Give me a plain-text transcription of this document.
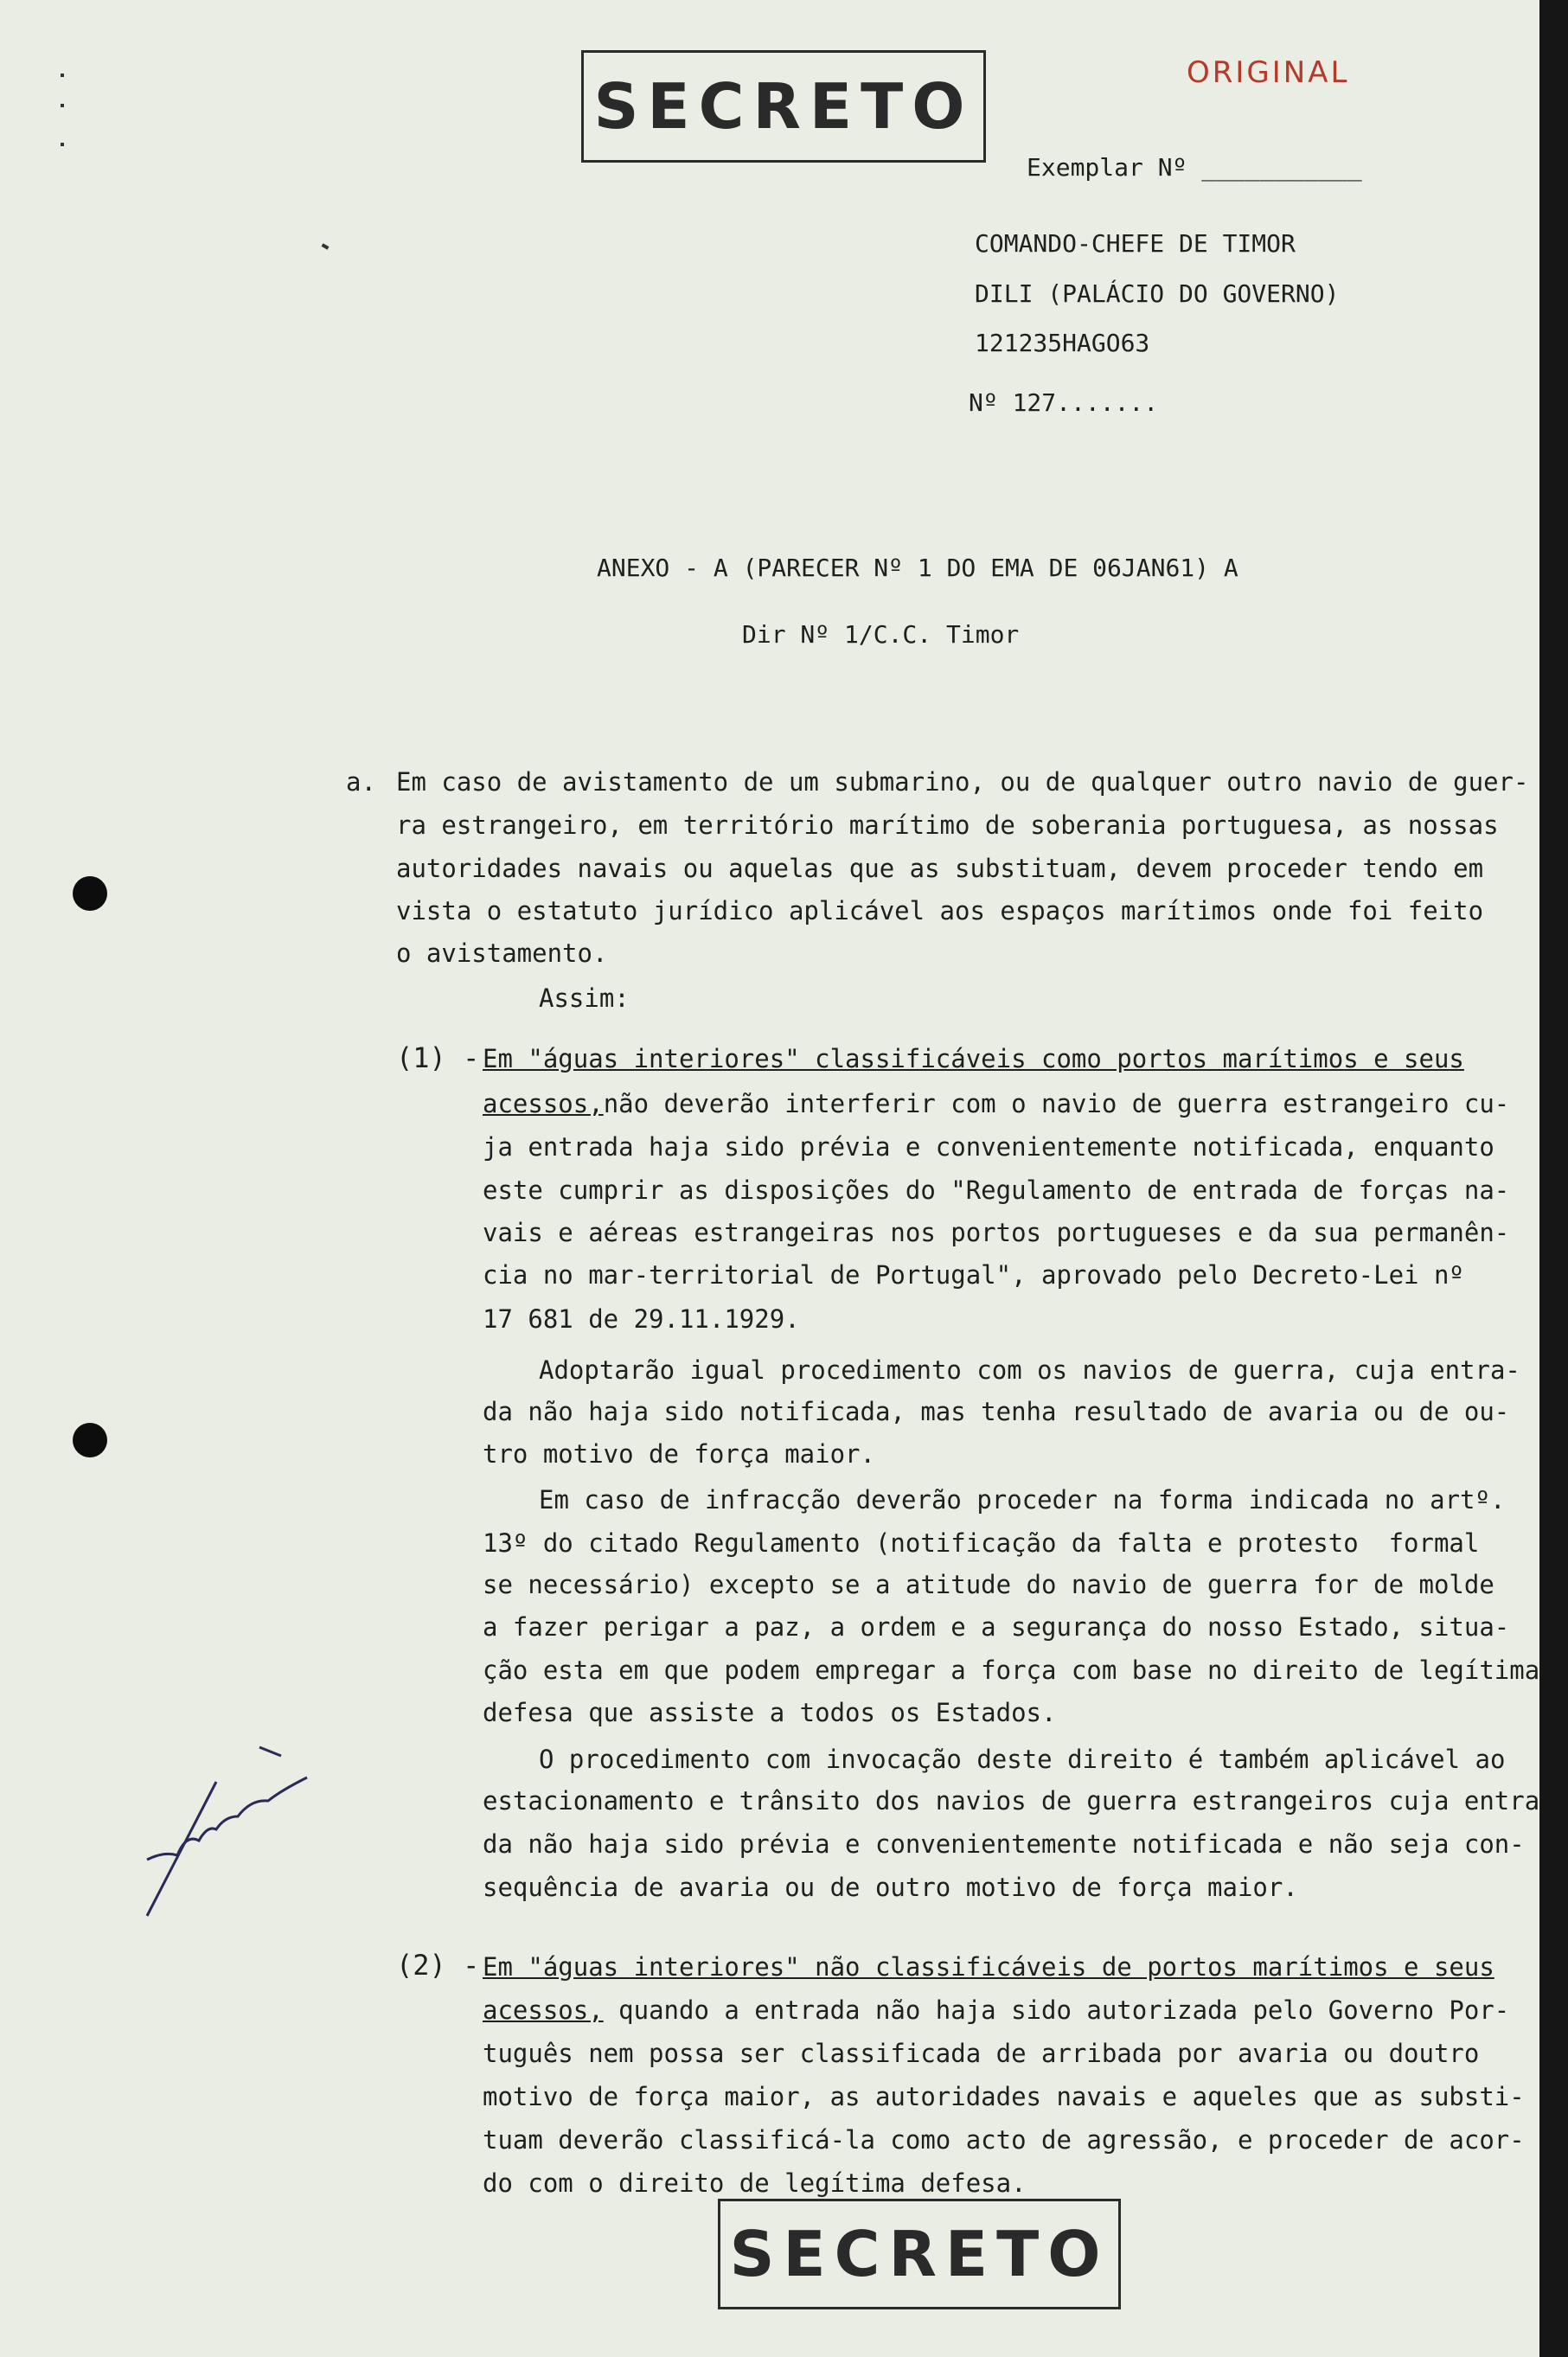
SECRETO	ORIGINAL
Exemplar Nº ___________
COMANDO-CHEFE DE TIMOR
DILI (PALÁCIO DO GOVERNO)
121235HAGO63
Nº 127.......
ANEXO - A (PARECER Nº 1 DO EMA DE 06JAN61) A
Dir Nº 1/C.C. Timor
a. Em caso de avistamento de um submarino, ou de qualquer outro navio de guer-
ra estrangeiro, em território marítimo de soberania portuguesa, as nossas
autoridades navais ou aquelas que as substituam, devem proceder tendo em
vista o estatuto jurídico aplicável aos espaços marítimos onde foi feito
o avistamento.
Assim:
(1) - Em "águas interiores" classificáveis como portos marítimos e seus
acessos,não deverão interferir com o navio de guerra estrangeiro cu-
ja entrada haja sido prévia e convenientemente notificada, enquanto
este cumprir as disposições do "Regulamento de entrada de forças na-
vais e aéreas estrangeiras nos portos portugueses e da sua permanên-
cia no mar-territorial de Portugal", aprovado pelo Decreto-Lei nº
17 681 de 29.11.1929.
Adoptarão igual procedimento com os navios de guerra, cuja entra-
da não haja sido notificada, mas tenha resultado de avaria ou de ou-
tro motivo de força maior.
Em caso de infracção deverão proceder na forma indicada no artº.
13º do citado Regulamento (notificação da falta e protesto  formal
se necessário) excepto se a atitude do navio de guerra for de molde
a fazer perigar a paz, a ordem e a segurança do nosso Estado, situa-
ção esta em que podem empregar a força com base no direito de legítima
defesa que assiste a todos os Estados.
O procedimento com invocação deste direito é também aplicável ao
estacionamento e trânsito dos navios de guerra estrangeiros cuja entra
da não haja sido prévia e convenientemente notificada e não seja con-
sequência de avaria ou de outro motivo de força maior.
(2) - Em "águas interiores" não classificáveis de portos marítimos e seus
acessos, quando a entrada não haja sido autorizada pelo Governo Por-
tuguês nem possa ser classificada de arribada por avaria ou doutro
motivo de força maior, as autoridades navais e aqueles que as substi-
tuam deverão classificá-la como acto de agressão, e proceder de acor-
do com o direito de legítima defesa.
SECRETO
